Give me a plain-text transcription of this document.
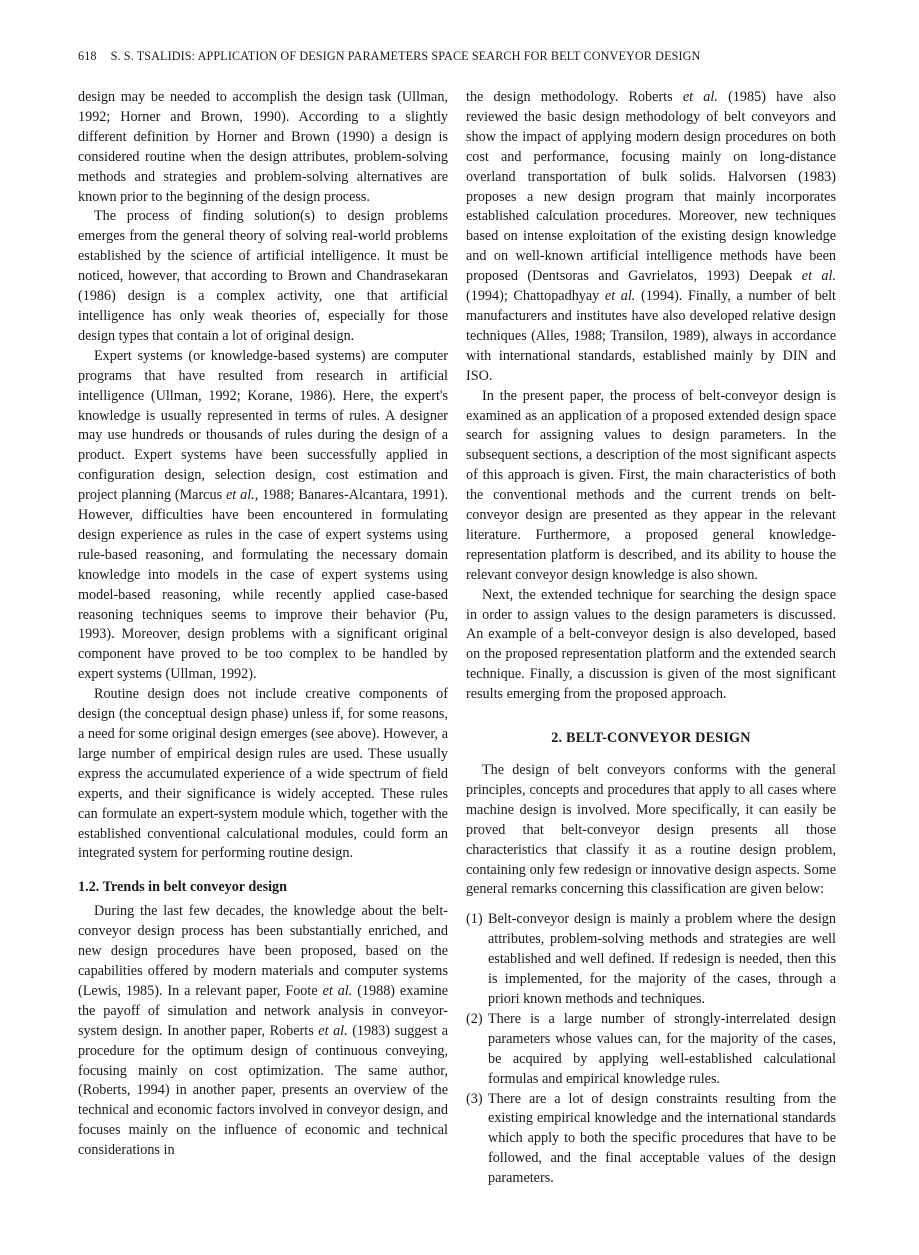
618 S. S. TSALIDIS: APPLICATION OF DESIGN PARAMETERS SPACE SEARCH FOR BELT CONVEYOR DESIGN

design may be needed to accomplish the design task (Ullman, 1992; Horner and Brown, 1990). According to a slightly different definition by Horner and Brown (1990) a design is considered routine when the design attributes, problem-solving methods and strategies and problem-solving alternatives are known prior to the beginning of the design process.

The process of finding solution(s) to design problems emerges from the general theory of solving real-world problems established by the science of artificial intelligence. It must be noticed, however, that according to Brown and Chandrasekaran (1986) design is a complex activity, one that artificial intelligence has only weak theories of, especially for those design types that contain a lot of original design.

Expert systems (or knowledge-based systems) are computer programs that have resulted from research in artificial intelligence (Ullman, 1992; Korane, 1986). Here, the expert's knowledge is usually represented in terms of rules. A designer may use hundreds or thousands of rules during the design of a product. Expert systems have been successfully applied in configuration design, selection design, cost estimation and project planning (Marcus et al., 1988; Banares-Alcantara, 1991). However, difficulties have been encountered in formulating design experience as rules in the case of expert systems using rule-based reasoning, and formulating the necessary domain knowledge into models in the case of expert systems using model-based reasoning, while recently applied case-based reasoning techniques seems to improve their behavior (Pu, 1993). Moreover, design problems with a significant original component have proved to be too complex to be handled by expert systems (Ullman, 1992).

Routine design does not include creative components of design (the conceptual design phase) unless if, for some reasons, a need for some original design emerges (see above). However, a large number of empirical design rules are used. These usually express the accumulated experience of a wide spectrum of field experts, and their significance is widely accepted. These rules can formulate an expert-system module which, together with the established conventional calculational modules, could form an integrated system for performing routine design.

1.2. Trends in belt conveyor design

During the last few decades, the knowledge about the belt-conveyor design process has been substantially enriched, and new design procedures have been proposed, based on the capabilities offered by modern materials and computer systems (Lewis, 1985). In a relevant paper, Foote et al. (1988) examine the payoff of simulation and network analysis in conveyor-system design. In another paper, Roberts et al. (1983) suggest a procedure for the optimum design of continuous conveying, focusing mainly on cost optimization. The same author, (Roberts, 1994) in another paper, presents an overview of the technical and economic factors involved in conveyor design, and focuses mainly on the influence of economic and technical considerations in

the design methodology. Roberts et al. (1985) have also reviewed the basic design methodology of belt conveyors and show the impact of applying modern design procedures on both cost and performance, focusing mainly on long-distance overland transportation of bulk solids. Halvorsen (1983) proposes a new design program that mainly incorporates established calculation procedures. Moreover, new techniques based on intense exploitation of the existing design knowledge and on well-known artificial intelligence methods have been proposed (Dentsoras and Gavrielatos, 1993) Deepak et al. (1994); Chattopadhyay et al. (1994). Finally, a number of belt manufacturers and institutes have also developed relative design techniques (Alles, 1988; Transilon, 1989), always in accordance with international standards, established mainly by DIN and ISO.

In the present paper, the process of belt-conveyor design is examined as an application of a proposed extended design space search for assigning values to design parameters. In the subsequent sections, a description of the most significant aspects of this approach is given. First, the main characteristics of both the conventional methods and the current trends on belt-conveyor design are presented as they appear in the relevant literature. Furthermore, a proposed general knowledge-representation platform is described, and its ability to house the relevant conveyor design knowledge is also shown.

Next, the extended technique for searching the design space in order to assign values to the design parameters is discussed. An example of a belt-conveyor design is also developed, based on the proposed representation platform and the extended search technique. Finally, a discussion is given of the most significant results emerging from the proposed approach.

2. BELT-CONVEYOR DESIGN

The design of belt conveyors conforms with the general principles, concepts and procedures that apply to all cases where machine design is involved. More specifically, it can easily be proved that belt-conveyor design presents all those characteristics that classify it as a routine design problem, containing only few redesign or innovative design aspects. Some general remarks concerning this classification are given below:

(1) Belt-conveyor design is mainly a problem where the design attributes, problem-solving methods and strategies are well established and well defined. If redesign is needed, then this is implemented, for the majority of the cases, through a priori known methods and techniques.
(2) There is a large number of strongly-interrelated design parameters whose values can, for the majority of the cases, be acquired by applying well-established calculational formulas and empirical knowledge rules.
(3) There are a lot of design constraints resulting from the existing empirical knowledge and the international standards which apply to both the specific procedures that have to be followed, and the final acceptable values of the design parameters.
